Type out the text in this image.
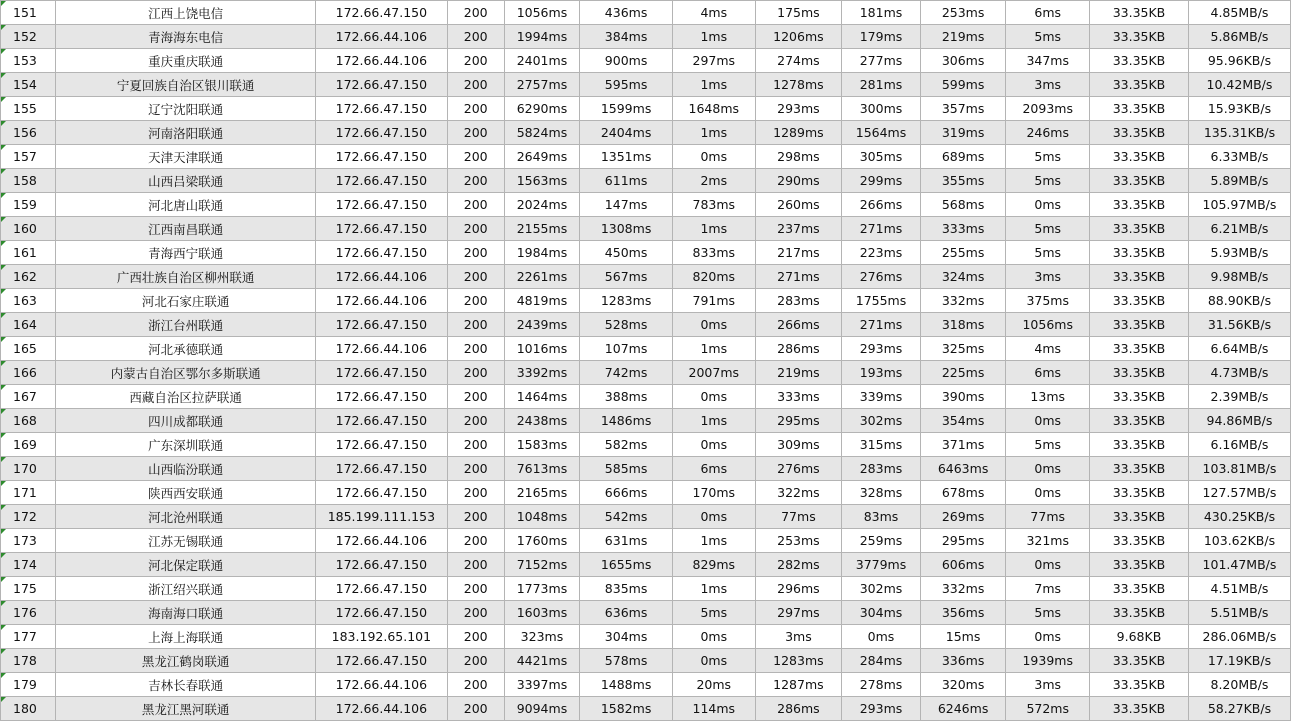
151	江西上饶电信	172.66.47.150	200	1056ms	436ms	4ms	175ms	181ms	253ms	6ms	33.35KB	4.85MB/s
152	青海海东电信	172.66.44.106	200	1994ms	384ms	1ms	1206ms	179ms	219ms	5ms	33.35KB	5.86MB/s
153	重庆重庆联通	172.66.44.106	200	2401ms	900ms	297ms	274ms	277ms	306ms	347ms	33.35KB	95.96KB/s
154	宁夏回族自治区银川联通	172.66.47.150	200	2757ms	595ms	1ms	1278ms	281ms	599ms	3ms	33.35KB	10.42MB/s
155	辽宁沈阳联通	172.66.47.150	200	6290ms	1599ms	1648ms	293ms	300ms	357ms	2093ms	33.35KB	15.93KB/s
156	河南洛阳联通	172.66.47.150	200	5824ms	2404ms	1ms	1289ms	1564ms	319ms	246ms	33.35KB	135.31KB/s
157	天津天津联通	172.66.47.150	200	2649ms	1351ms	0ms	298ms	305ms	689ms	5ms	33.35KB	6.33MB/s
158	山西吕梁联通	172.66.47.150	200	1563ms	611ms	2ms	290ms	299ms	355ms	5ms	33.35KB	5.89MB/s
159	河北唐山联通	172.66.47.150	200	2024ms	147ms	783ms	260ms	266ms	568ms	0ms	33.35KB	105.97MB/s
160	江西南昌联通	172.66.47.150	200	2155ms	1308ms	1ms	237ms	271ms	333ms	5ms	33.35KB	6.21MB/s
161	青海西宁联通	172.66.47.150	200	1984ms	450ms	833ms	217ms	223ms	255ms	5ms	33.35KB	5.93MB/s
162	广西壮族自治区柳州联通	172.66.44.106	200	2261ms	567ms	820ms	271ms	276ms	324ms	3ms	33.35KB	9.98MB/s
163	河北石家庄联通	172.66.44.106	200	4819ms	1283ms	791ms	283ms	1755ms	332ms	375ms	33.35KB	88.90KB/s
164	浙江台州联通	172.66.47.150	200	2439ms	528ms	0ms	266ms	271ms	318ms	1056ms	33.35KB	31.56KB/s
165	河北承德联通	172.66.44.106	200	1016ms	107ms	1ms	286ms	293ms	325ms	4ms	33.35KB	6.64MB/s
166	内蒙古自治区鄂尔多斯联通	172.66.47.150	200	3392ms	742ms	2007ms	219ms	193ms	225ms	6ms	33.35KB	4.73MB/s
167	西藏自治区拉萨联通	172.66.47.150	200	1464ms	388ms	0ms	333ms	339ms	390ms	13ms	33.35KB	2.39MB/s
168	四川成都联通	172.66.47.150	200	2438ms	1486ms	1ms	295ms	302ms	354ms	0ms	33.35KB	94.86MB/s
169	广东深圳联通	172.66.47.150	200	1583ms	582ms	0ms	309ms	315ms	371ms	5ms	33.35KB	6.16MB/s
170	山西临汾联通	172.66.47.150	200	7613ms	585ms	6ms	276ms	283ms	6463ms	0ms	33.35KB	103.81MB/s
171	陕西西安联通	172.66.47.150	200	2165ms	666ms	170ms	322ms	328ms	678ms	0ms	33.35KB	127.57MB/s
172	河北沧州联通	185.199.111.153	200	1048ms	542ms	0ms	77ms	83ms	269ms	77ms	33.35KB	430.25KB/s
173	江苏无锡联通	172.66.44.106	200	1760ms	631ms	1ms	253ms	259ms	295ms	321ms	33.35KB	103.62KB/s
174	河北保定联通	172.66.47.150	200	7152ms	1655ms	829ms	282ms	3779ms	606ms	0ms	33.35KB	101.47MB/s
175	浙江绍兴联通	172.66.47.150	200	1773ms	835ms	1ms	296ms	302ms	332ms	7ms	33.35KB	4.51MB/s
176	海南海口联通	172.66.47.150	200	1603ms	636ms	5ms	297ms	304ms	356ms	5ms	33.35KB	5.51MB/s
177	上海上海联通	183.192.65.101	200	323ms	304ms	0ms	3ms	0ms	15ms	0ms	9.68KB	286.06MB/s
178	黑龙江鹤岗联通	172.66.47.150	200	4421ms	578ms	0ms	1283ms	284ms	336ms	1939ms	33.35KB	17.19KB/s
179	吉林长春联通	172.66.44.106	200	3397ms	1488ms	20ms	1287ms	278ms	320ms	3ms	33.35KB	8.20MB/s
180	黑龙江黑河联通	172.66.44.106	200	9094ms	1582ms	114ms	286ms	293ms	6246ms	572ms	33.35KB	58.27KB/s
